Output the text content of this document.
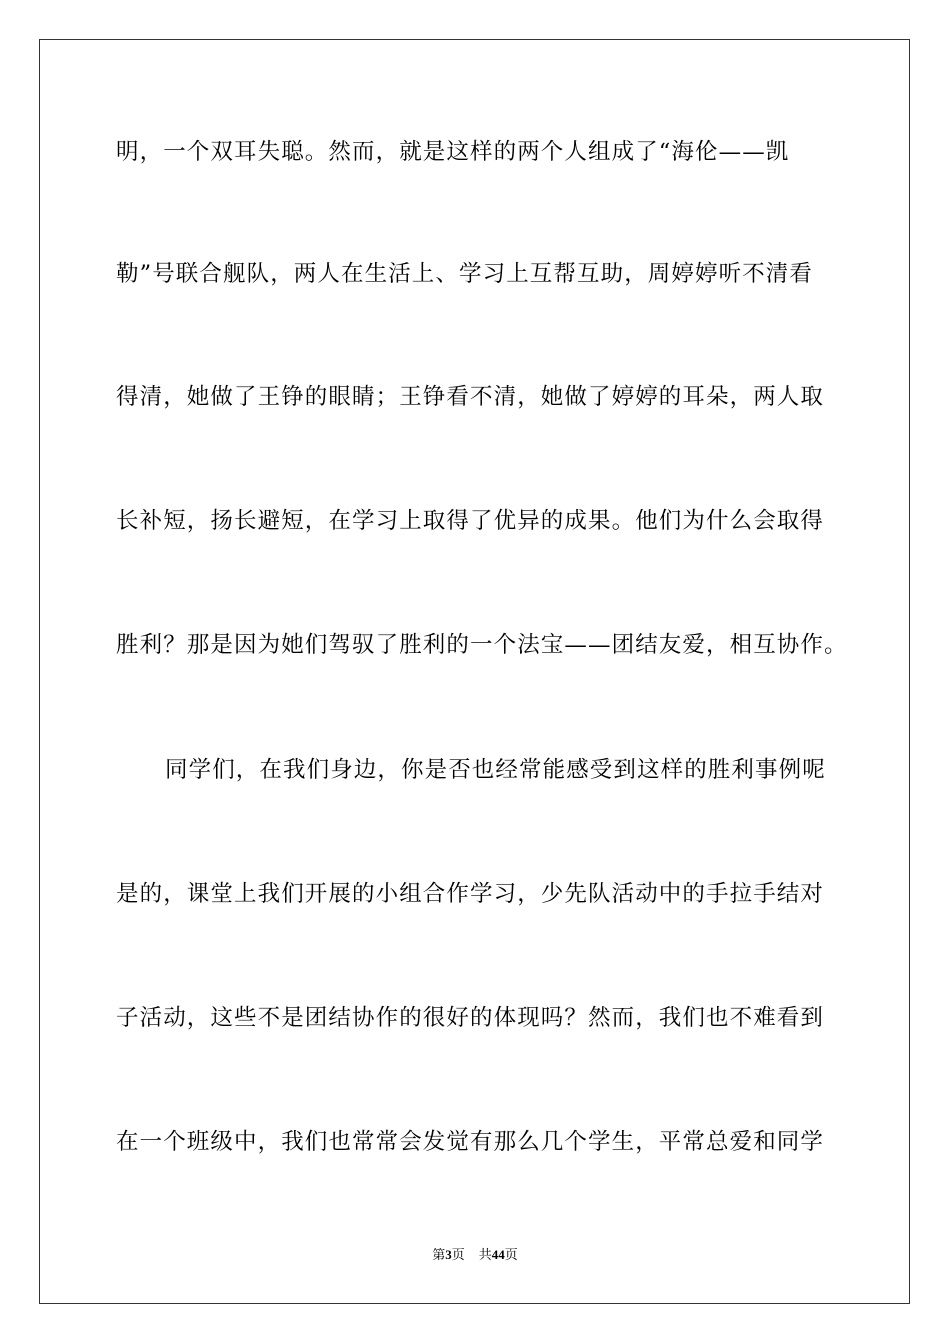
明，一个双耳失聪。然而，就是这样的两个人组成了“海伦——凯
勒”号联合舰队，两人在生活上、学习上互帮互助，周婷婷听不清看
得清，她做了王铮的眼睛；王铮看不清，她做了婷婷的耳朵，两人取
长补短，扬长避短，在学习上取得了优异的成果。他们为什么会取得
胜利？那是因为她们驾驭了胜利的一个法宝——团结友爱，相互协作。
同学们，在我们身边，你是否也经常能感受到这样的胜利事例呢
是的，课堂上我们开展的小组合作学习，少先队活动中的手拉手结对
子活动，这些不是团结协作的很好的体现吗？然而，我们也不难看到
在一个班级中，我们也常常会发觉有那么几个学生，平常总爱和同学
第3页 共44页
